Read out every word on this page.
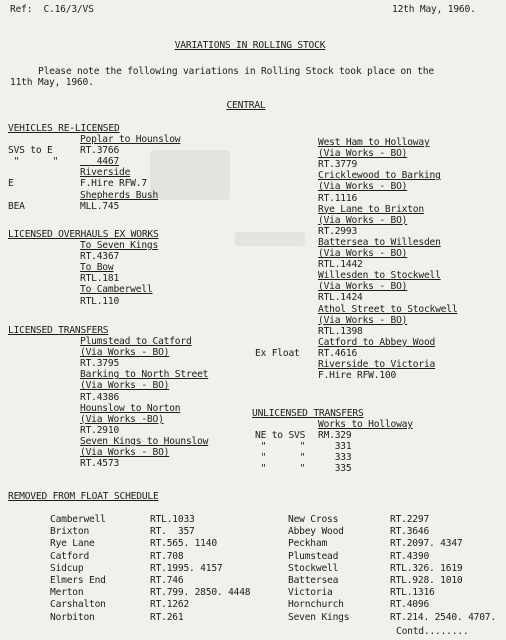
Ref:  C.16/3/VS	12th May, 1960.
VARIATIONS IN ROLLING STOCK
Please note the following variations in Rolling Stock took place on the
11th May, 1960.
CENTRAL
VEHICLES RE-LICENSED
Poplar to Hounslow
SVS to E	RT.3766
"      " 4467
Riverside
E	F.Hire RFW.7
Shepherds Bush
BEA	MLL.745
LICENSED OVERHAULS EX WORKS
To Seven Kings
RT.4367
To Bow
RTL.181
To Camberwell
RTL.110
LICENSED TRANSFERS
Plumstead to Catford
(Via Works - BO)
RT.3795
Barking to North Street
(Via Works - BO)
RT.4386
Hounslow to Norton
(Via Works -BO)
RT.2910
Seven Kings to Hounslow
(Via Works - BO)
RT.4573
West Ham to Holloway
(Via Works - BO)
RT.3779
Cricklewood to Barking
(Via Works - BO)
RT.1116
Rye Lane to Brixton
(Via Works - BO)
RT.2993
Battersea to Willesden
(Via Works - BO)
RTL.1442
Willesden to Stockwell
(Via Works - BO)
RTL.1424
Athol Street to Stockwell
(Via Works - BO)
RTL.1398
Catford to Abbey Wood
Ex Float RT.4616
Riverside to Victoria
F.Hire RFW.100
UNLICENSED TRANSFERS
Works to Holloway
NE to SVS RM.329
"      " 331
"      " 333
"      " 335
REMOVED FROM FLOAT SCHEDULE
Camberwell	RTL.1033
Brixton	RT.  357
Rye Lane	RT.565. 1140
Catford	RT.708
Sidcup	RT.1995. 4157
Elmers End	RT.746
Merton	RT.799. 2850. 4448
Carshalton	RT.1262
Norbiton	RT.261
New Cross	RT.2297
Abbey Wood	RT.3646
Peckham	RT.2097. 4347
Plumstead	RT.4390
Stockwell	RTL.326. 1619
Battersea	RTL.928. 1010
Victoria	RTL.1316
Hornchurch	RT.4096
Seven Kings	RT.214. 2540. 4707.
Contd........
